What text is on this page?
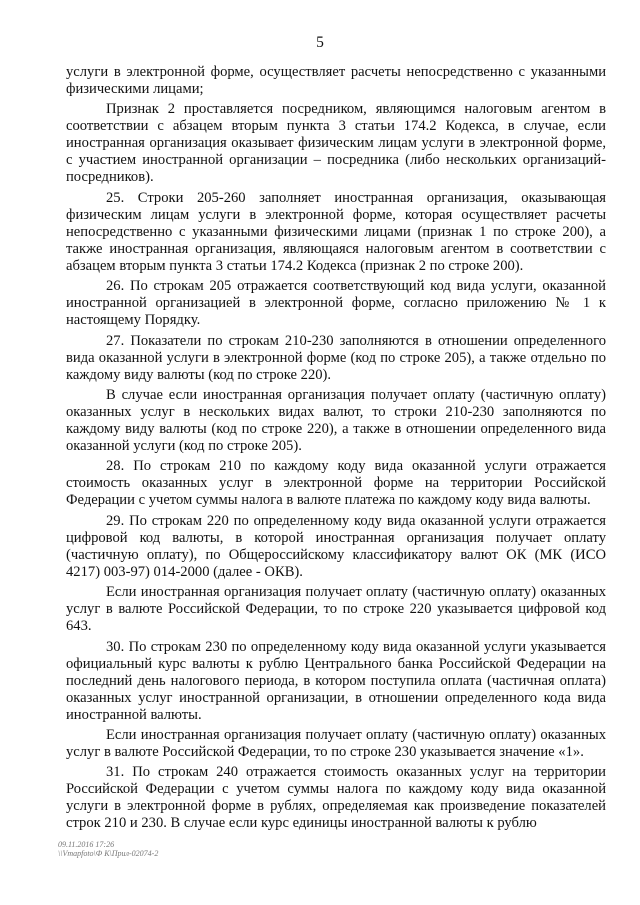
5

услуги в электронной форме, осуществляет расчеты непосредственно с указанными физическими лицами;

Признак 2 проставляется посредником, являющимся налоговым агентом в соответствии с абзацем вторым пункта 3 статьи 174.2 Кодекса, в случае, если иностранная организация оказывает физическим лицам услуги в электронной форме, с участием иностранной организации – посредника (либо нескольких организаций-посредников).

25. Строки 205-260 заполняет иностранная организация, оказывающая физическим лицам услуги в электронной форме, которая осуществляет расчеты непосредственно с указанными физическими лицами (признак 1 по строке 200), а также иностранная организация, являющаяся налоговым агентом в соответствии с абзацем вторым пункта 3 статьи 174.2 Кодекса (признак 2 по строке 200).

26. По строкам 205 отражается соответствующий код вида услуги, оказанной иностранной организацией в электронной форме, согласно приложению № 1 к настоящему Порядку.

27. Показатели по строкам 210-230 заполняются в отношении определенного вида оказанной услуги в электронной форме (код по строке 205), а также отдельно по каждому виду валюты (код по строке 220).

В случае если иностранная организация получает оплату (частичную оплату) оказанных услуг в нескольких видах валют, то строки 210-230 заполняются по каждому виду валюты (код по строке 220), а также в отношении определенного вида оказанной услуги (код по строке 205).

28. По строкам 210 по каждому коду вида оказанной услуги отражается стоимость оказанных услуг в электронной форме на территории Российской Федерации с учетом суммы налога в валюте платежа по каждому коду вида валюты.

29. По строкам 220 по определенному коду вида оказанной услуги отражается цифровой код валюты, в которой иностранная организация получает оплату (частичную оплату), по Общероссийскому классификатору валют ОК (МК (ИСО 4217) 003-97) 014-2000 (далее - ОКВ).

Если иностранная организация получает оплату (частичную оплату) оказанных услуг в валюте Российской Федерации, то по строке 220 указывается цифровой код 643.

30. По строкам 230 по определенному коду вида оказанной услуги указывается официальный курс валюты к рублю Центрального банка Российской Федерации на последний день налогового периода, в котором поступила оплата (частичная оплата) оказанных услуг иностранной организации, в отношении определенного кода вида иностранной валюты.

Если иностранная организация получает оплату (частичную оплату) оказанных услуг в валюте Российской Федерации, то по строке 230 указывается значение «1».

31. По строкам 240 отражается стоимость оказанных услуг на территории Российской Федерации с учетом суммы налога по каждому коду вида оказанной услуги в электронной форме в рублях, определяемая как произведение показателей строк 210 и 230. В случае если курс единицы иностранной валюты к рублю

09.11.2016 17:26
\\Vmapfoto\Ф К\Прил-02074-2
